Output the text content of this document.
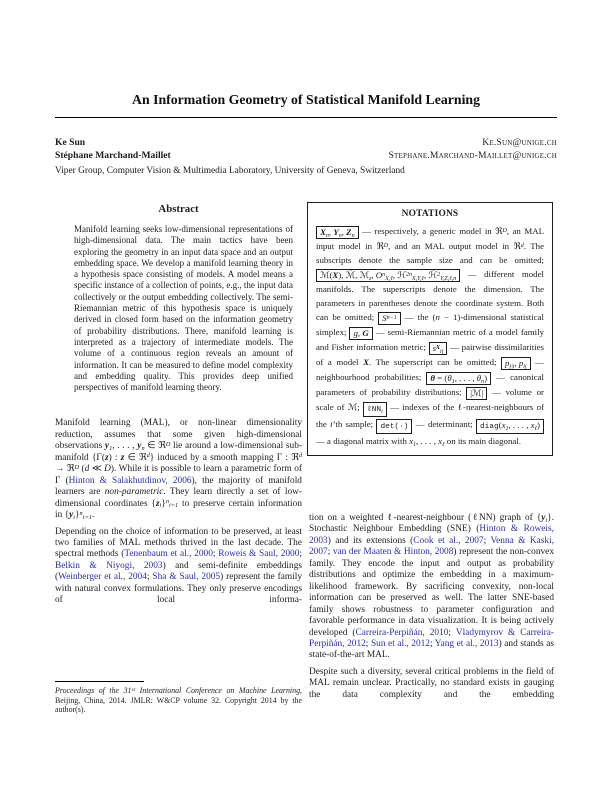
An Information Geometry of Statistical Manifold Learning
Ke Sun	Ke.Sun@unige.ch
Stéphane Marchand-Maillet	Stephane.Marchand-Maillet@unige.ch
Viper Group, Computer Vision & Multimedia Laboratory, University of Geneva, Switzerland
Abstract
Manifold learning seeks low-dimensional representations of high-dimensional data. The main tactics have been exploring the geometry in an input data space and an output embedding space. We develop a manifold learning theory in a hypothesis space consisting of models. A model means a specific instance of a collection of points, e.g., the input data collectively or the output embedding collectively. The semi-Riemannian metric of this hypothesis space is uniquely derived in closed form based on the information geometry of probability distributions. There, manifold learning is interpreted as a trajectory of intermediate models. The volume of a continuous region reveals an amount of information. It can be measured to define model complexity and embedding quality. This provides deep unified perspectives of manifold learning theory.

Manifold learning (MAL), or non-linear dimensionality reduction, assumes that some given high-dimensional observations y1, . . . , yn ∈ ℜ$^D$ lie around a low-dimensional sub-manifold {Γ(z) : z ∈ ℜ$^d$} induced by a smooth mapping Γ : ℜ$^d$ → ℜ$^D$ (d ≪ D). While it is possible to learn a parametric form of Γ (Hinton & Salakhutdinov, 2006), the majority of manifold learners are non-parametric. They learn directly a set of low-dimensional coordinates {zi}$^n$i=1 to preserve certain information in {yi}$^n$i=1.

Depending on the choice of information to be preserved, at least two families of MAL methods thrived in the last decade. The spectral methods (Tenenbaum et al., 2000; Roweis & Saul, 2000; Belkin & Niyogi, 2003) and semi-definite embeddings (Weinberger et al., 2004; Sha & Saul, 2005) represent the family with natural convex formulations. They only preserve encodings of local informa-

Proceedings of the 31st International Conference on Machine Learning, Beijing, China, 2014. JMLR: W&CP volume 32. Copyright 2014 by the author(s).
NOTATIONS
Xn, Yn, Zn — respectively, a generic model in ℜ$^D$, an MAL input model in ℜ$^D$, and an MAL output model in ℜ$^d$. The subscripts denote the sample size and can be omitted; ℳ(X), ℳ̃, ℳz, $O^nX,\ell$, ℋ$^{2n}$X,Y,ℓ, ℋ̃$^2$Y,Z,ℓ,n — different model manifolds. The superscripts denote the dimension. The parameters in parentheses denote the coordinate system. Both can be omitted; $S^{n-1}$ — the (n − 1)-dimensional statistical simplex; g, G — semi-Riemannian metric of a model family and Fisher information metric; $s^Xij$ — pairwise dissimilarities of a model X. The superscript can be omitted; pj|i, pij — neighbourhood probabilities; θ = (θ1, . . . , θn) — canonical parameters of probability distributions; |ℳ| — volume or scale of ℳ; ℓNNi — indexes of the ℓ-nearest-neighbours of the i’th sample; det(·) — determinant; diag(x1, . . . , xℓ) — a diagonal matrix with x1, . . . , xℓ on its main diagonal.

tion on a weighted ℓ-nearest-neighbour (ℓNN) graph of {yi}. Stochastic Neighbour Embedding (SNE) (Hinton & Roweis, 2003) and its extensions (Cook et al., 2007; Venna & Kaski, 2007; van der Maaten & Hinton, 2008) represent the non-convex family. They encode the input and output as probability distributions and optimize the embedding in a maximum-likelihood framework. By sacrificing convexity, non-local information can be preserved as well. The latter SNE-based family shows robustness to parameter configuration and favorable performance in data visualization. It is being actively developed (Carreira-Perpiñán, 2010; Vladymyrov & Carreira-Perpiñán, 2012; Sun et al., 2012; Yang et al., 2013) and stands as state-of-the-art MAL.

Despite such a diversity, several critical problems in the field of MAL remain unclear. Practically, no standard exists in gauging the data complexity and the embedding
